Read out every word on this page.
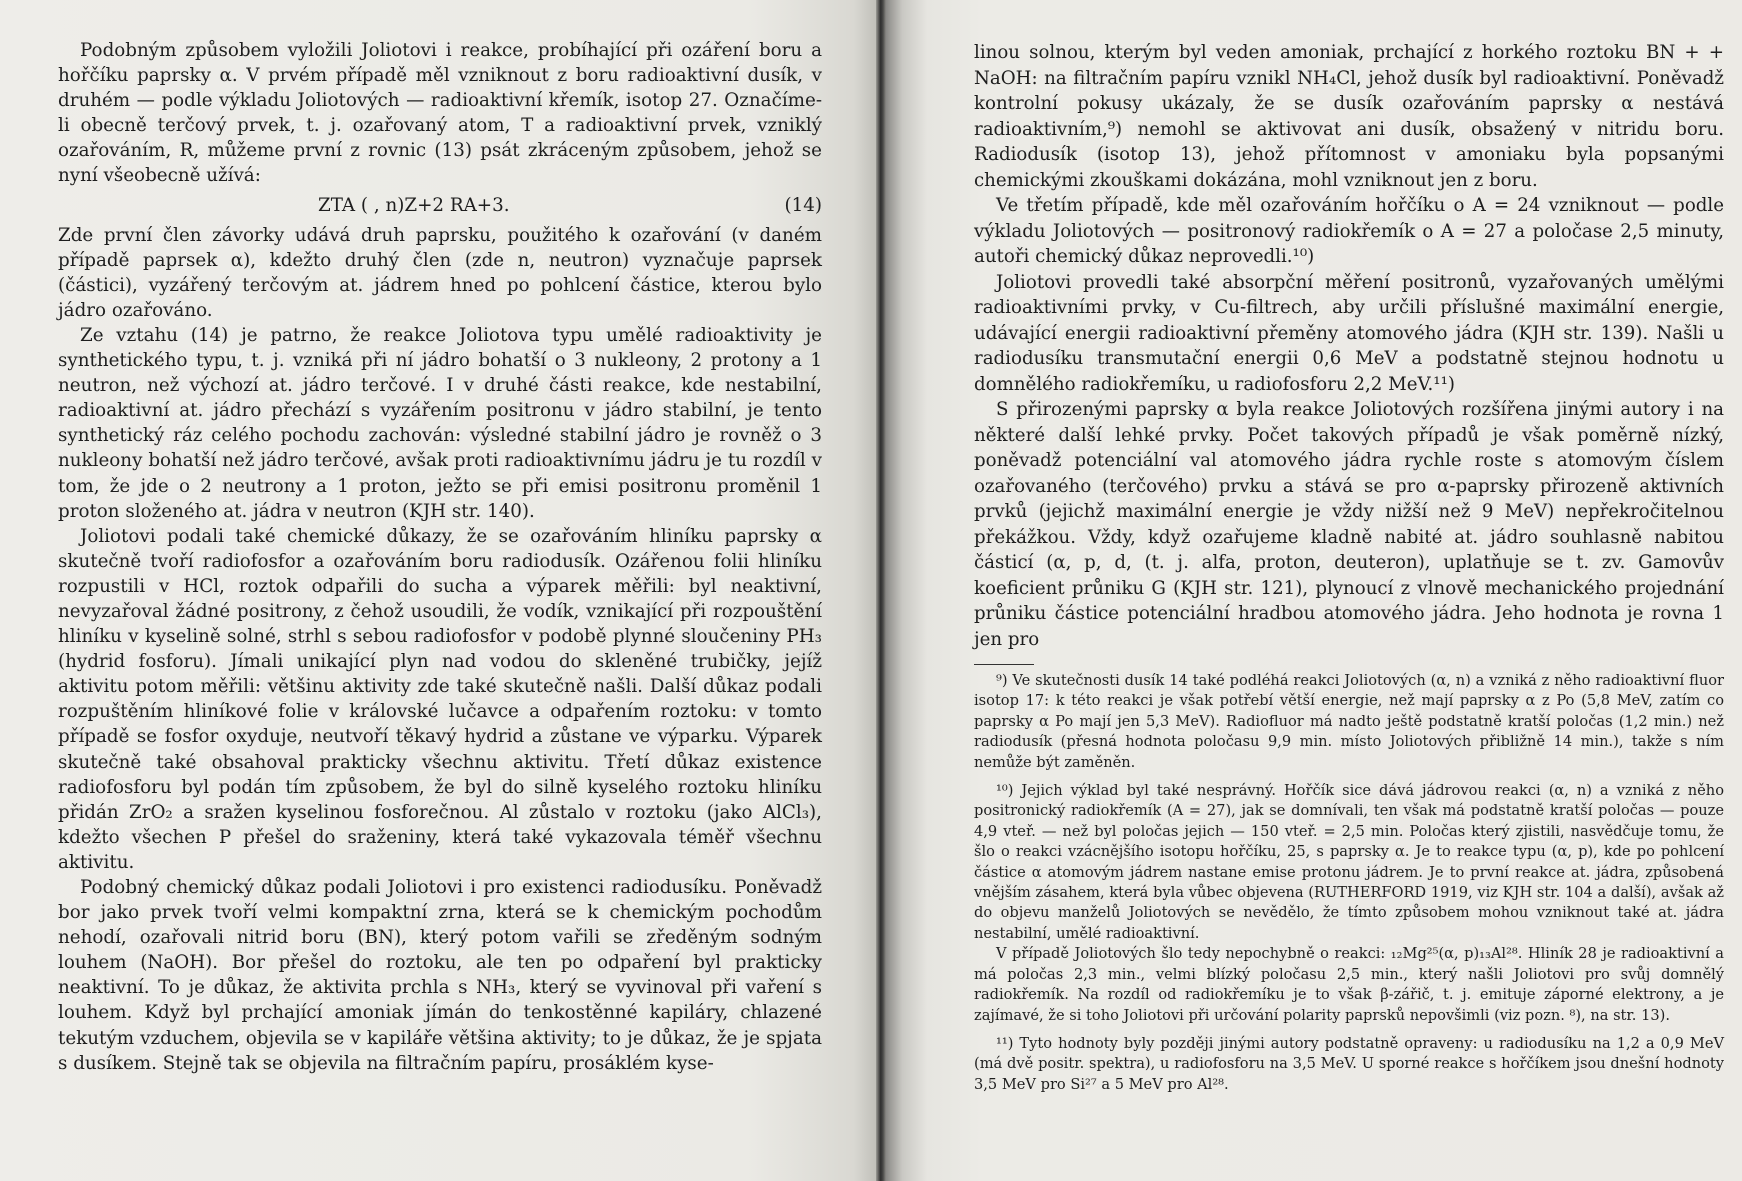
Podobným způsobem vyložili Joliotovi i reakce, probíhající při ozáření boru a hořčíku paprsky α. V prvém případě měl vzniknout z boru radioaktivní dusík, v druhém — podle výkladu Joliotových — radioaktivní křemík, isotop 27. Označíme-li obecně terčový prvek, t. j. ozařovaný atom, T a radioaktivní prvek, vzniklý ozařováním, R, můžeme první z rovnic (13) psát zkráceným způsobem, jehož se nyní všeobecně užívá:

ZTA ( , n)Z+2 RA+3.	(14)

Zde první člen závorky udává druh paprsku, použitého k ozařování (v daném případě paprsek α), kdežto druhý člen (zde n, neutron) vyznačuje paprsek (částici), vyzářený terčovým at. jádrem hned po pohlcení částice, kterou bylo jádro ozařováno.

Ze vztahu (14) je patrno, že reakce Joliotova typu umělé radioaktivity je synthetického typu, t. j. vzniká při ní jádro bohatší o 3 nukleony, 2 protony a 1 neutron, než výchozí at. jádro terčové. I v druhé části reakce, kde nestabilní, radioaktivní at. jádro přechází s vyzářením positronu v jádro stabilní, je tento synthetický ráz celého pochodu zachován: výsledné stabilní jádro je rovněž o 3 nukleony bohatší než jádro terčové, avšak proti radioaktivnímu jádru je tu rozdíl v tom, že jde o 2 neutrony a 1 proton, ježto se při emisi positronu proměnil 1 proton složeného at. jádra v neutron (KJH str. 140).

Joliotovi podali také chemické důkazy, že se ozařováním hliníku paprsky α skutečně tvoří radiofosfor a ozařováním boru radiodusík. Ozářenou folii hliníku rozpustili v HCl, roztok odpařili do sucha a výparek měřili: byl neaktivní, nevyzařoval žádné positrony, z čehož usoudili, že vodík, vznikající při rozpouštění hliníku v kyselině solné, strhl s sebou radiofosfor v podobě plynné sloučeniny PH₃ (hydrid fosforu). Jímali unikající plyn nad vodou do skleněné trubičky, jejíž aktivitu potom měřili: většinu aktivity zde také skutečně našli. Další důkaz podali rozpuštěním hliníkové folie v královské lučavce a odpařením roztoku: v tomto případě se fosfor oxyduje, neutvoří těkavý hydrid a zůstane ve výparku. Výparek skutečně také obsahoval prakticky všechnu aktivitu. Třetí důkaz existence radiofosforu byl podán tím způsobem, že byl do silně kyselého roztoku hliníku přidán ZrO₂ a sražen kyselinou fosforečnou. Al zůstalo v roztoku (jako AlCl₃), kdežto všechen P přešel do sraženiny, která také vykazovala téměř všechnu aktivitu.

Podobný chemický důkaz podali Joliotovi i pro existenci radiodusíku. Poněvadž bor jako prvek tvoří velmi kompaktní zrna, která se k chemickým pochodům nehodí, ozařovali nitrid boru (BN), který potom vařili se zředěným sodným louhem (NaOH). Bor přešel do roztoku, ale ten po odpaření byl prakticky neaktivní. To je důkaz, že aktivita prchla s NH₃, který se vyvinoval při vaření s louhem. Když byl prchající amoniak jímán do tenkostěnné kapiláry, chlazené tekutým vzduchem, objevila se v kapiláře většina aktivity; to je důkaz, že je spjata s dusíkem. Stejně tak se objevila na filtračním papíru, prosáklém kyse-

linou solnou, kterým byl veden amoniak, prchající z horkého roztoku BN + + NaOH: na filtračním papíru vznikl NH₄Cl, jehož dusík byl radioaktivní. Poněvadž kontrolní pokusy ukázaly, že se dusík ozařováním paprsky α nestává radioaktivním,⁹) nemohl se aktivovat ani dusík, obsažený v nitridu boru. Radiodusík (isotop 13), jehož přítomnost v amoniaku byla popsanými chemickými zkouškami dokázána, mohl vzniknout jen z boru.

Ve třetím případě, kde měl ozařováním hořčíku o A = 24 vzniknout — podle výkladu Joliotových — positronový radiokřemík o A = 27 a poločase 2,5 minuty, autoři chemický důkaz neprovedli.¹⁰)

Joliotovi provedli také absorpční měření positronů, vyzařovaných umělými radioaktivními prvky, v Cu-filtrech, aby určili příslušné maximální energie, udávající energii radioaktivní přeměny atomového jádra (KJH str. 139). Našli u radiodusíku transmutační energii 0,6 MeV a podstatně stejnou hodnotu u domnělého radiokřemíku, u radiofosforu 2,2 MeV.¹¹)

S přirozenými paprsky α byla reakce Joliotových rozšířena jinými autory i na některé další lehké prvky. Počet takových případů je však poměrně nízký, poněvadž potenciální val atomového jádra rychle roste s atomovým číslem ozařovaného (terčového) prvku a stává se pro α-paprsky přirozeně aktivních prvků (jejichž maximální energie je vždy nižší než 9 MeV) nepřekročitelnou překážkou. Vždy, když ozařujeme kladně nabité at. jádro souhlasně nabitou částicí (α, p, d, (t. j. alfa, proton, deuteron), uplatňuje se t. zv. Gamovův koeficient průniku G (KJH str. 121), plynoucí z vlnově mechanického projednání průniku částice potenciální hradbou atomového jádra. Jeho hodnota je rovna 1 jen pro

⁹) Ve skutečnosti dusík 14 také podléhá reakci Joliotových (α, n) a vzniká z něho radioaktivní fluor isotop 17: k této reakci je však potřebí větší energie, než mají paprsky α z Po (5,8 MeV, zatím co paprsky α Po mají jen 5,3 MeV). Radiofluor má nadto ještě podstatně kratší poločas (1,2 min.) než radiodusík (přesná hodnota poločasu 9,9 min. místo Joliotových přibližně 14 min.), takže s ním nemůže být zaměněn.

¹⁰) Jejich výklad byl také nesprávný. Hořčík sice dává jádrovou reakci (α, n) a vzniká z něho positronický radiokřemík (A = 27), jak se domnívali, ten však má podstatně kratší poločas — pouze 4,9 vteř. — než byl poločas jejich — 150 vteř. = 2,5 min. Poločas který zjistili, nasvědčuje tomu, že šlo o reakci vzácnějšího isotopu hořčíku, 25, s paprsky α. Je to reakce typu (α, p), kde po pohlcení částice α atomovým jádrem nastane emise protonu jádrem. Je to první reakce at. jádra, způsobená vnějším zásahem, která byla vůbec objevena (RUTHERFORD 1919, viz KJH str. 104 a další), avšak až do objevu manželů Joliotových se nevědělo, že tímto způsobem mohou vzniknout také at. jádra nestabilní, umělé radioaktivní.

V případě Joliotových šlo tedy nepochybně o reakci: ₁₂Mg²⁵(α, p)₁₃Al²⁸. Hliník 28 je radioaktivní a má poločas 2,3 min., velmi blízký poločasu 2,5 min., který našli Joliotovi pro svůj domnělý radiokřemík. Na rozdíl od radiokřemíku je to však β-zářič, t. j. emituje záporné elektrony, a je zajímavé, že si toho Joliotovi při určování polarity paprsků nepovšimli (viz pozn. ⁸), na str. 13).

¹¹) Tyto hodnoty byly později jinými autory podstatně opraveny: u radiodusíku na 1,2 a 0,9 MeV (má dvě positr. spektra), u radiofosforu na 3,5 MeV. U sporné reakce s hořčíkem jsou dnešní hodnoty 3,5 MeV pro Si²⁷ a 5 MeV pro Al²⁸.
